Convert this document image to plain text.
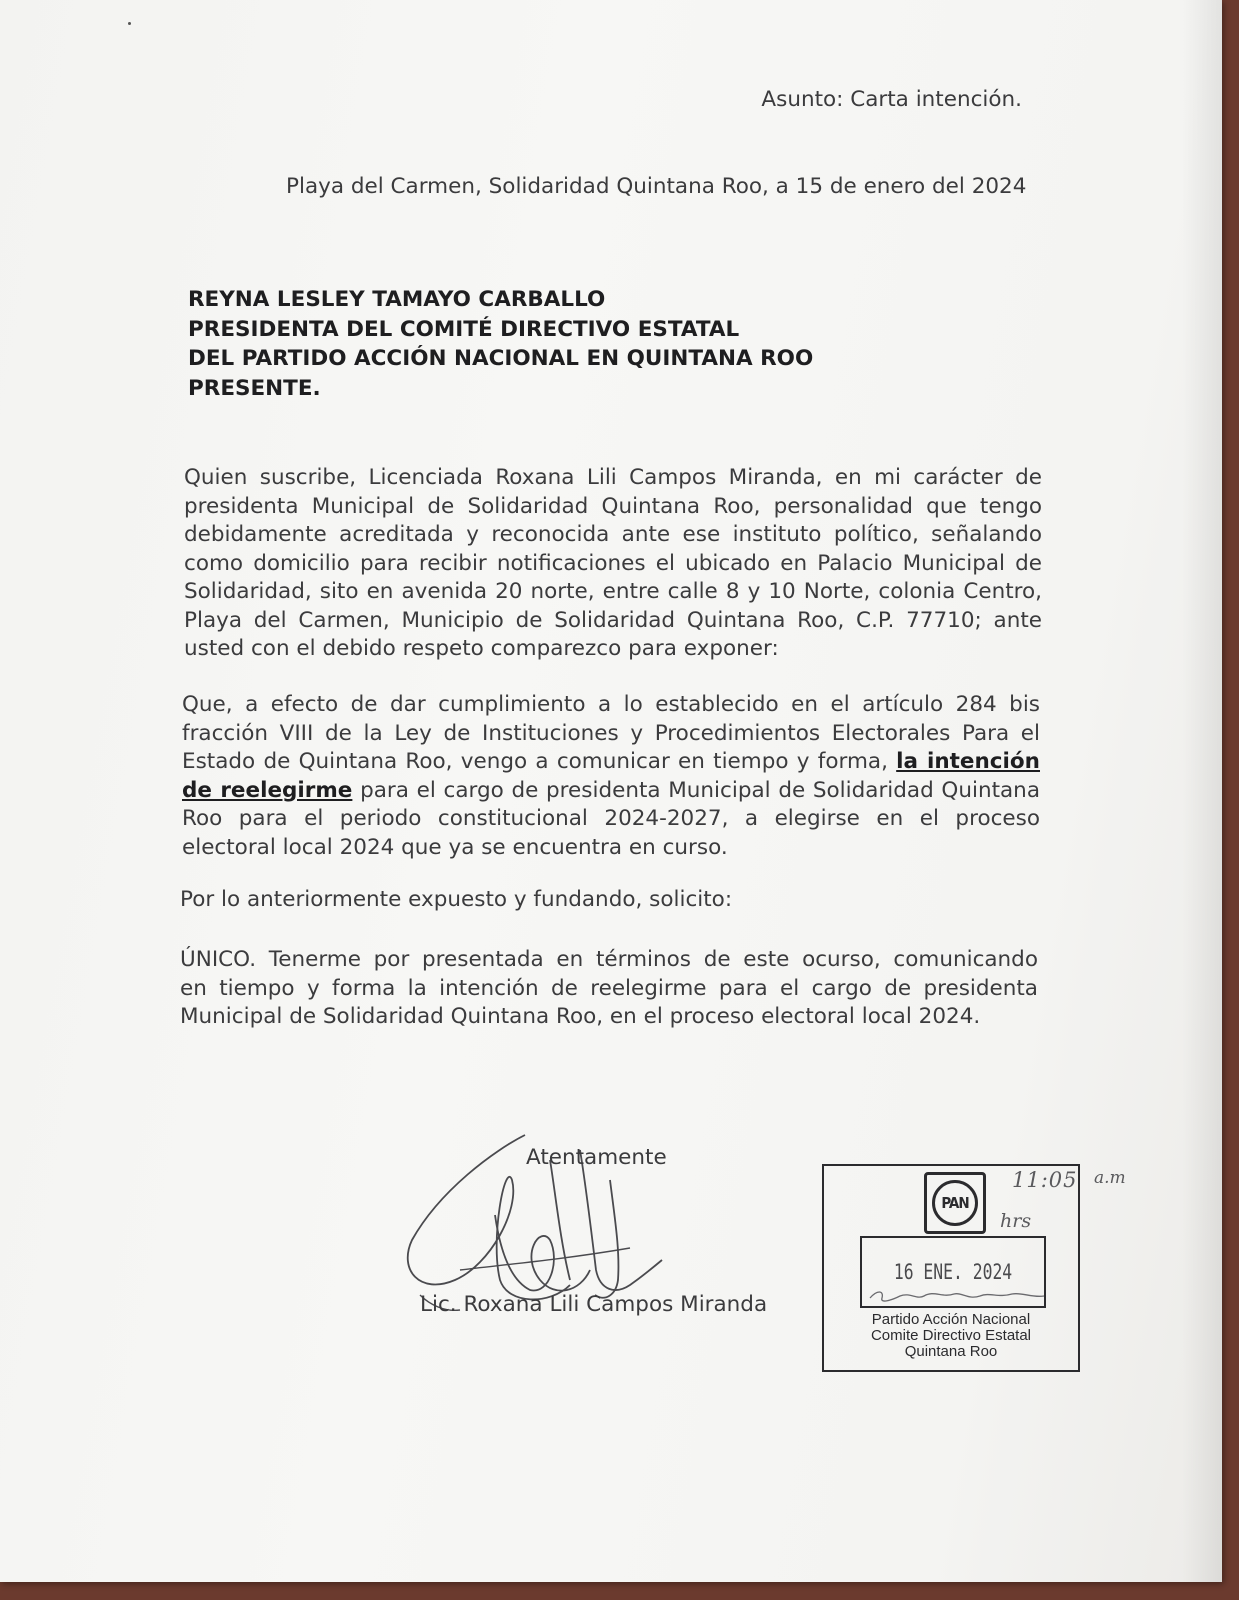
Asunto: Carta intención.
Playa del Carmen, Solidaridad Quintana Roo, a 15 de enero del 2024
REYNA LESLEY TAMAYO CARBALLO
PRESIDENTA DEL COMITÉ DIRECTIVO ESTATAL
DEL PARTIDO ACCIÓN NACIONAL EN QUINTANA ROO
PRESENTE.
Quien suscribe, Licenciada Roxana Lili Campos Miranda, en mi carácter de
presidenta Municipal de Solidaridad Quintana Roo, personalidad que tengo
debidamente acreditada y reconocida ante ese instituto político, señalando
como domicilio para recibir notificaciones el ubicado en Palacio Municipal de
Solidaridad, sito en avenida 20 norte, entre calle 8 y 10 Norte, colonia Centro,
Playa del Carmen, Municipio de Solidaridad Quintana Roo, C.P. 77710; ante
usted con el debido respeto comparezco para exponer:
Que, a efecto de dar cumplimiento a lo establecido en el artículo 284 bis
fracción VIII de la Ley de Instituciones y Procedimientos Electorales Para el
Estado de Quintana Roo, vengo a comunicar en tiempo y forma, la intención
de reelegirme para el cargo de presidenta Municipal de Solidaridad Quintana
Roo para el periodo constitucional 2024-2027, a elegirse en el proceso
electoral local 2024 que ya se encuentra en curso.
Por lo anteriormente expuesto y fundando, solicito:
ÚNICO. Tenerme por presentada en términos de este ocurso, comunicando
en tiempo y forma la intención de reelegirme para el cargo de presidenta
Municipal de Solidaridad Quintana Roo, en el proceso electoral local 2024.
Atentamente
Lic. Roxana Lili Campos Miranda
PAN
16 ENE. 2024
Partido Acción Nacional
Comite Directivo Estatal
Quintana Roo
11:05 a.m
hrs
